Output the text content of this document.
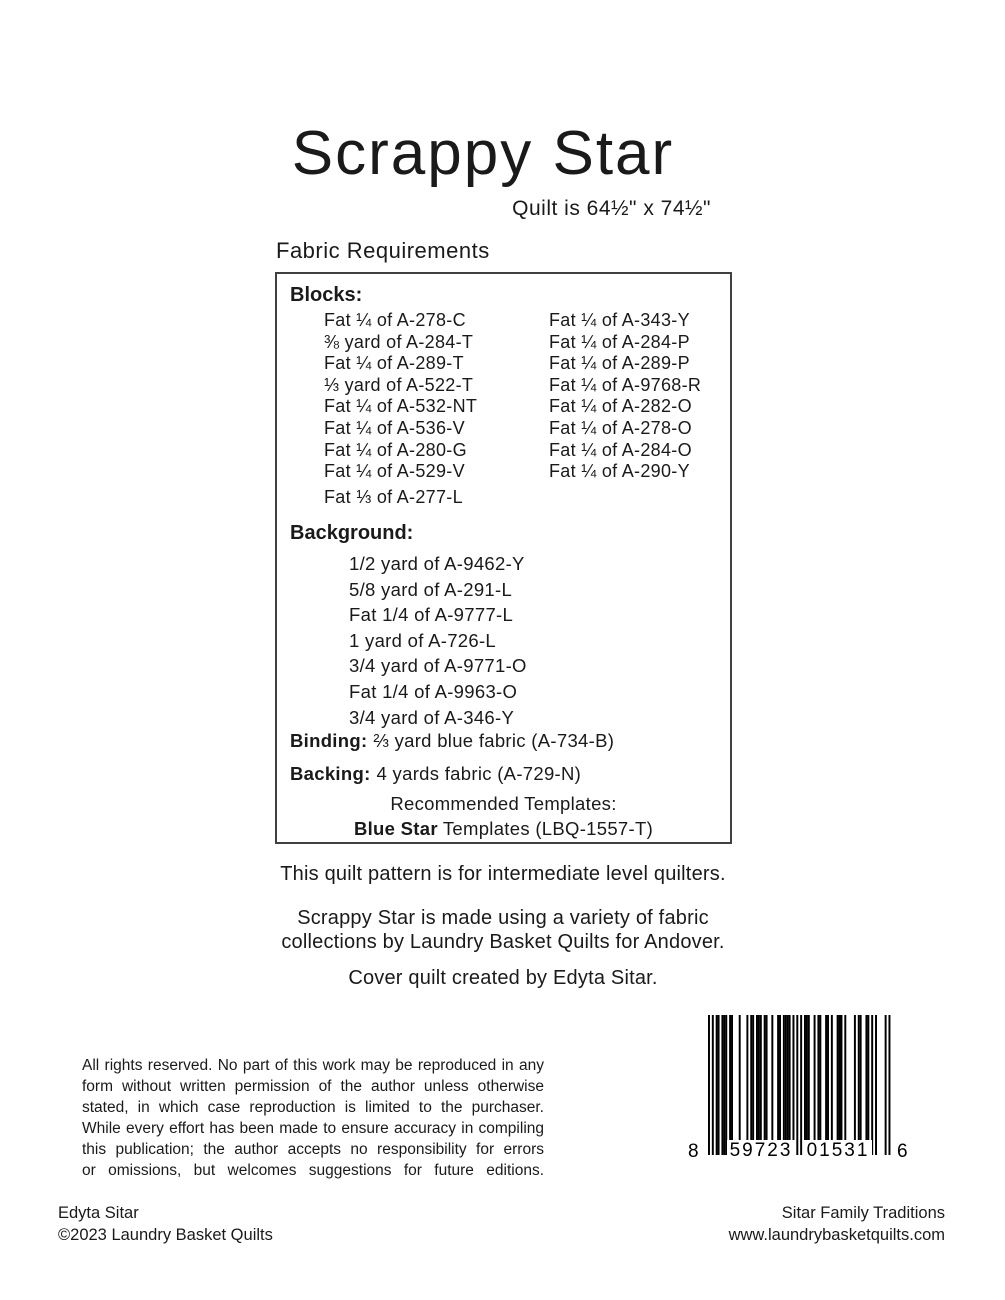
Scrappy Star
Quilt is 64½" x 74½"
Fabric Requirements
Blocks:
Fat ¼ of A-278-C
⅜ yard of A-284-T
Fat ¼ of A-289-T
⅓ yard of A-522-T
Fat ¼ of A-532-NT
Fat ¼ of A-536-V
Fat ¼ of A-280-G
Fat ¼ of A-529-V
Fat ⅓ of A-277-L
Fat ¼ of A-343-Y
Fat ¼ of A-284-P
Fat ¼ of A-289-P
Fat ¼ of A-9768-R
Fat ¼ of A-282-O
Fat ¼ of A-278-O
Fat ¼ of A-284-O
Fat ¼ of A-290-Y
Background:
1/2 yard of A-9462-Y
5/8 yard of A-291-L
Fat 1/4 of A-9777-L
1 yard of A-726-L
3/4 yard of A-9771-O
Fat 1/4 of A-9963-O
3/4 yard of A-346-Y
Binding: ⅔ yard blue fabric (A-734-B)
Backing: 4 yards fabric (A-729-N)
Recommended Templates:
Blue Star Templates (LBQ-1557-T)
This quilt pattern is for intermediate level quilters.
Scrappy Star is made using a variety of fabric
collections by Laundry Basket Quilts for Andover.
Cover quilt created by Edyta Sitar.
8 59723 01531 6
All rights reserved. No part of this work may be reproduced in any
form without written permission of the author unless otherwise
stated, in which case reproduction is limited to the purchaser.
While every effort has been made to ensure accuracy in compiling
this publication; the author accepts no responsibility for errors
or omissions, but welcomes suggestions for future editions.
Edyta Sitar
©2023 Laundry Basket Quilts
Sitar Family Traditions
www.laundrybasketquilts.com
